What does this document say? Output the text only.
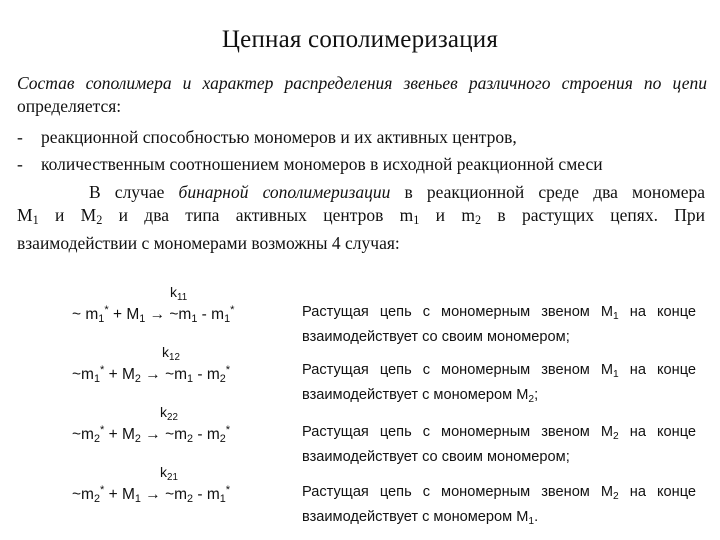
Цепная сополимеризация
Состав сополимера и характер распределения звеньев различного строения по цепи определяется:
- реакционной способностью мономеров и их активных центров,
- количественным соотношением мономеров в исходной реакционной смеси
В случае бинарной сополимеризации в реакционной среде два мономера
$M_1$ и $M_2$ и два типа активных центров $m_1$ и $m_2$ в растущих цепях. При
взаимодействии с мономерами возможны 4 случая:
$k_{11}$
~ $m_1^* + M_1$ → $\sim m_1 - m_1^*$	Растущая цепь с мономерным звеном $M_1$ на конце
взаимодействует со своим мономером;
$k_{12}$
$\sim m_1^* + M_2$ → $\sim m_1 - m_2^*$	Растущая цепь с мономерным звеном $M_1$ на конце
взаимодействует с мономером $M_2$;
$k_{22}$
$\sim m_2^* + M_2$ → $\sim m_2 - m_2^*$	Растущая цепь с мономерным звеном $M_2$ на конце
взаимодействует со своим мономером;
$k_{21}$
$\sim m_2^* + M_1$ → $\sim m_2 - m_1^*$	Растущая цепь с мономерным звеном $M_2$ на конце
взаимодействует с мономером $M_1$.
